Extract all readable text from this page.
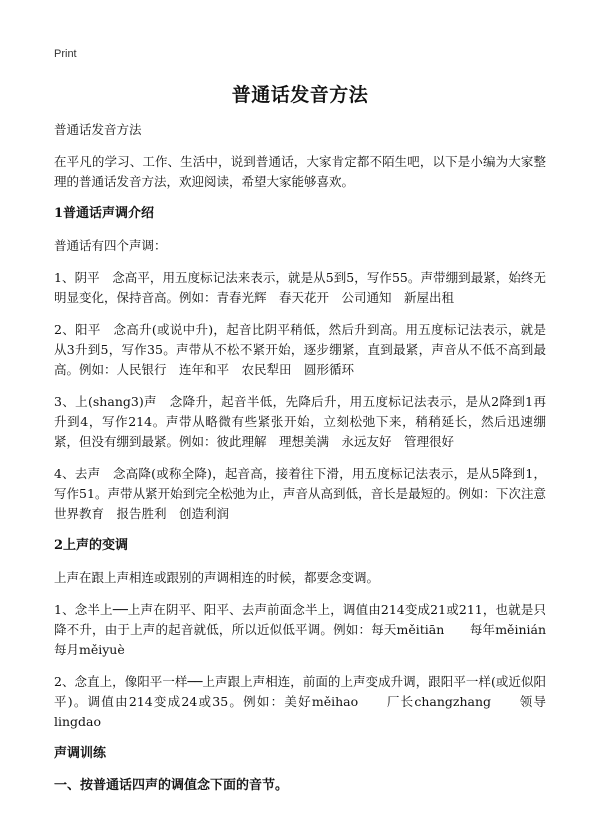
Print
普通话发音方法

普通话发音方法

在平凡的学习、工作、生活中，说到普通话，大家肯定都不陌生吧，以下是小编为大家整理的普通话发音方法，欢迎阅读，希望大家能够喜欢。

1普通话声调介绍

普通话有四个声调：

1、阴平　念高平，用五度标记法来表示，就是从5到5，写作55。声带绷到最紧，始终无明显变化，保持音高。例如：青春光辉　春天花开　公司通知　新屋出租

2、阳平　念高升(或说中升)，起音比阴平稍低，然后升到高。用五度标记法表示，就是从3升到5，写作35。声带从不松不紧开始，逐步绷紧，直到最紧，声音从不低不高到最高。例如：人民银行　连年和平　农民犁田　圆形循环

3、上(shang3)声　念降升，起音半低，先降后升，用五度标记法表示，是从2降到1再升到4，写作214。声带从略微有些紧张开始，立刻松弛下来，稍稍延长，然后迅速绷紧，但没有绷到最紧。例如：彼此理解　理想美满　永远友好　管理很好

4、去声　念高降(或称全降)，起音高，接着往下滑，用五度标记法表示，是从5降到1，写作51。声带从紧开始到完全松弛为止，声音从高到低，音长是最短的。例如：下次注意　世界教育　报告胜利　创造利润

2上声的变调

上声在跟上声相连或跟别的声调相连的时候，都要念变调。

1、念半上──上声在阴平、阳平、去声前面念半上，调值由214变成21或211，也就是只降不升，由于上声的起音就低，所以近似低平调。例如：每天měitiān　　每年měinián　　每月měiyuè

2、念直上，像阳平一样──上声跟上声相连，前面的上声变成升调，跟阳平一样(或近似阳平)。调值由214变成24或35。例如：美好měihao　　厂长changzhang　　领导lingdao

声调训练
一、按普通话四声的调值念下面的音节。
